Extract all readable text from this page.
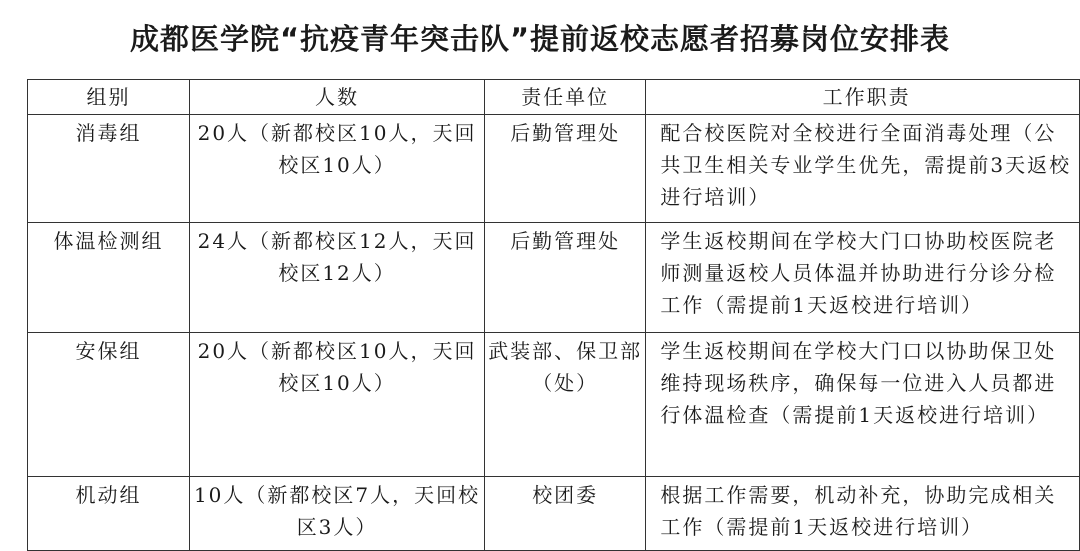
成都医学院“抗疫青年突击队”提前返校志愿者招募岗位安排表
组别	人数	责任单位	工作职责
消毒组	20人（新都校区10人，天回校区10人）	后勤管理处	配合校医院对全校进行全面消毒处理（公共卫生相关专业学生优先，需提前3天返校进行培训）
体温检测组	24人（新都校区12人，天回校区12人）	后勤管理处	学生返校期间在学校大门口协助校医院老师测量返校人员体温并协助进行分诊分检工作（需提前1天返校进行培训）
安保组	20人（新都校区10人，天回校区10人）	武装部、保卫部（处）	学生返校期间在学校大门口以协助保卫处维持现场秩序，确保每一位进入人员都进行体温检查（需提前1天返校进行培训）
机动组	10人（新都校区7人，天回校区3人）	校团委	根据工作需要，机动补充，协助完成相关工作（需提前1天返校进行培训）
